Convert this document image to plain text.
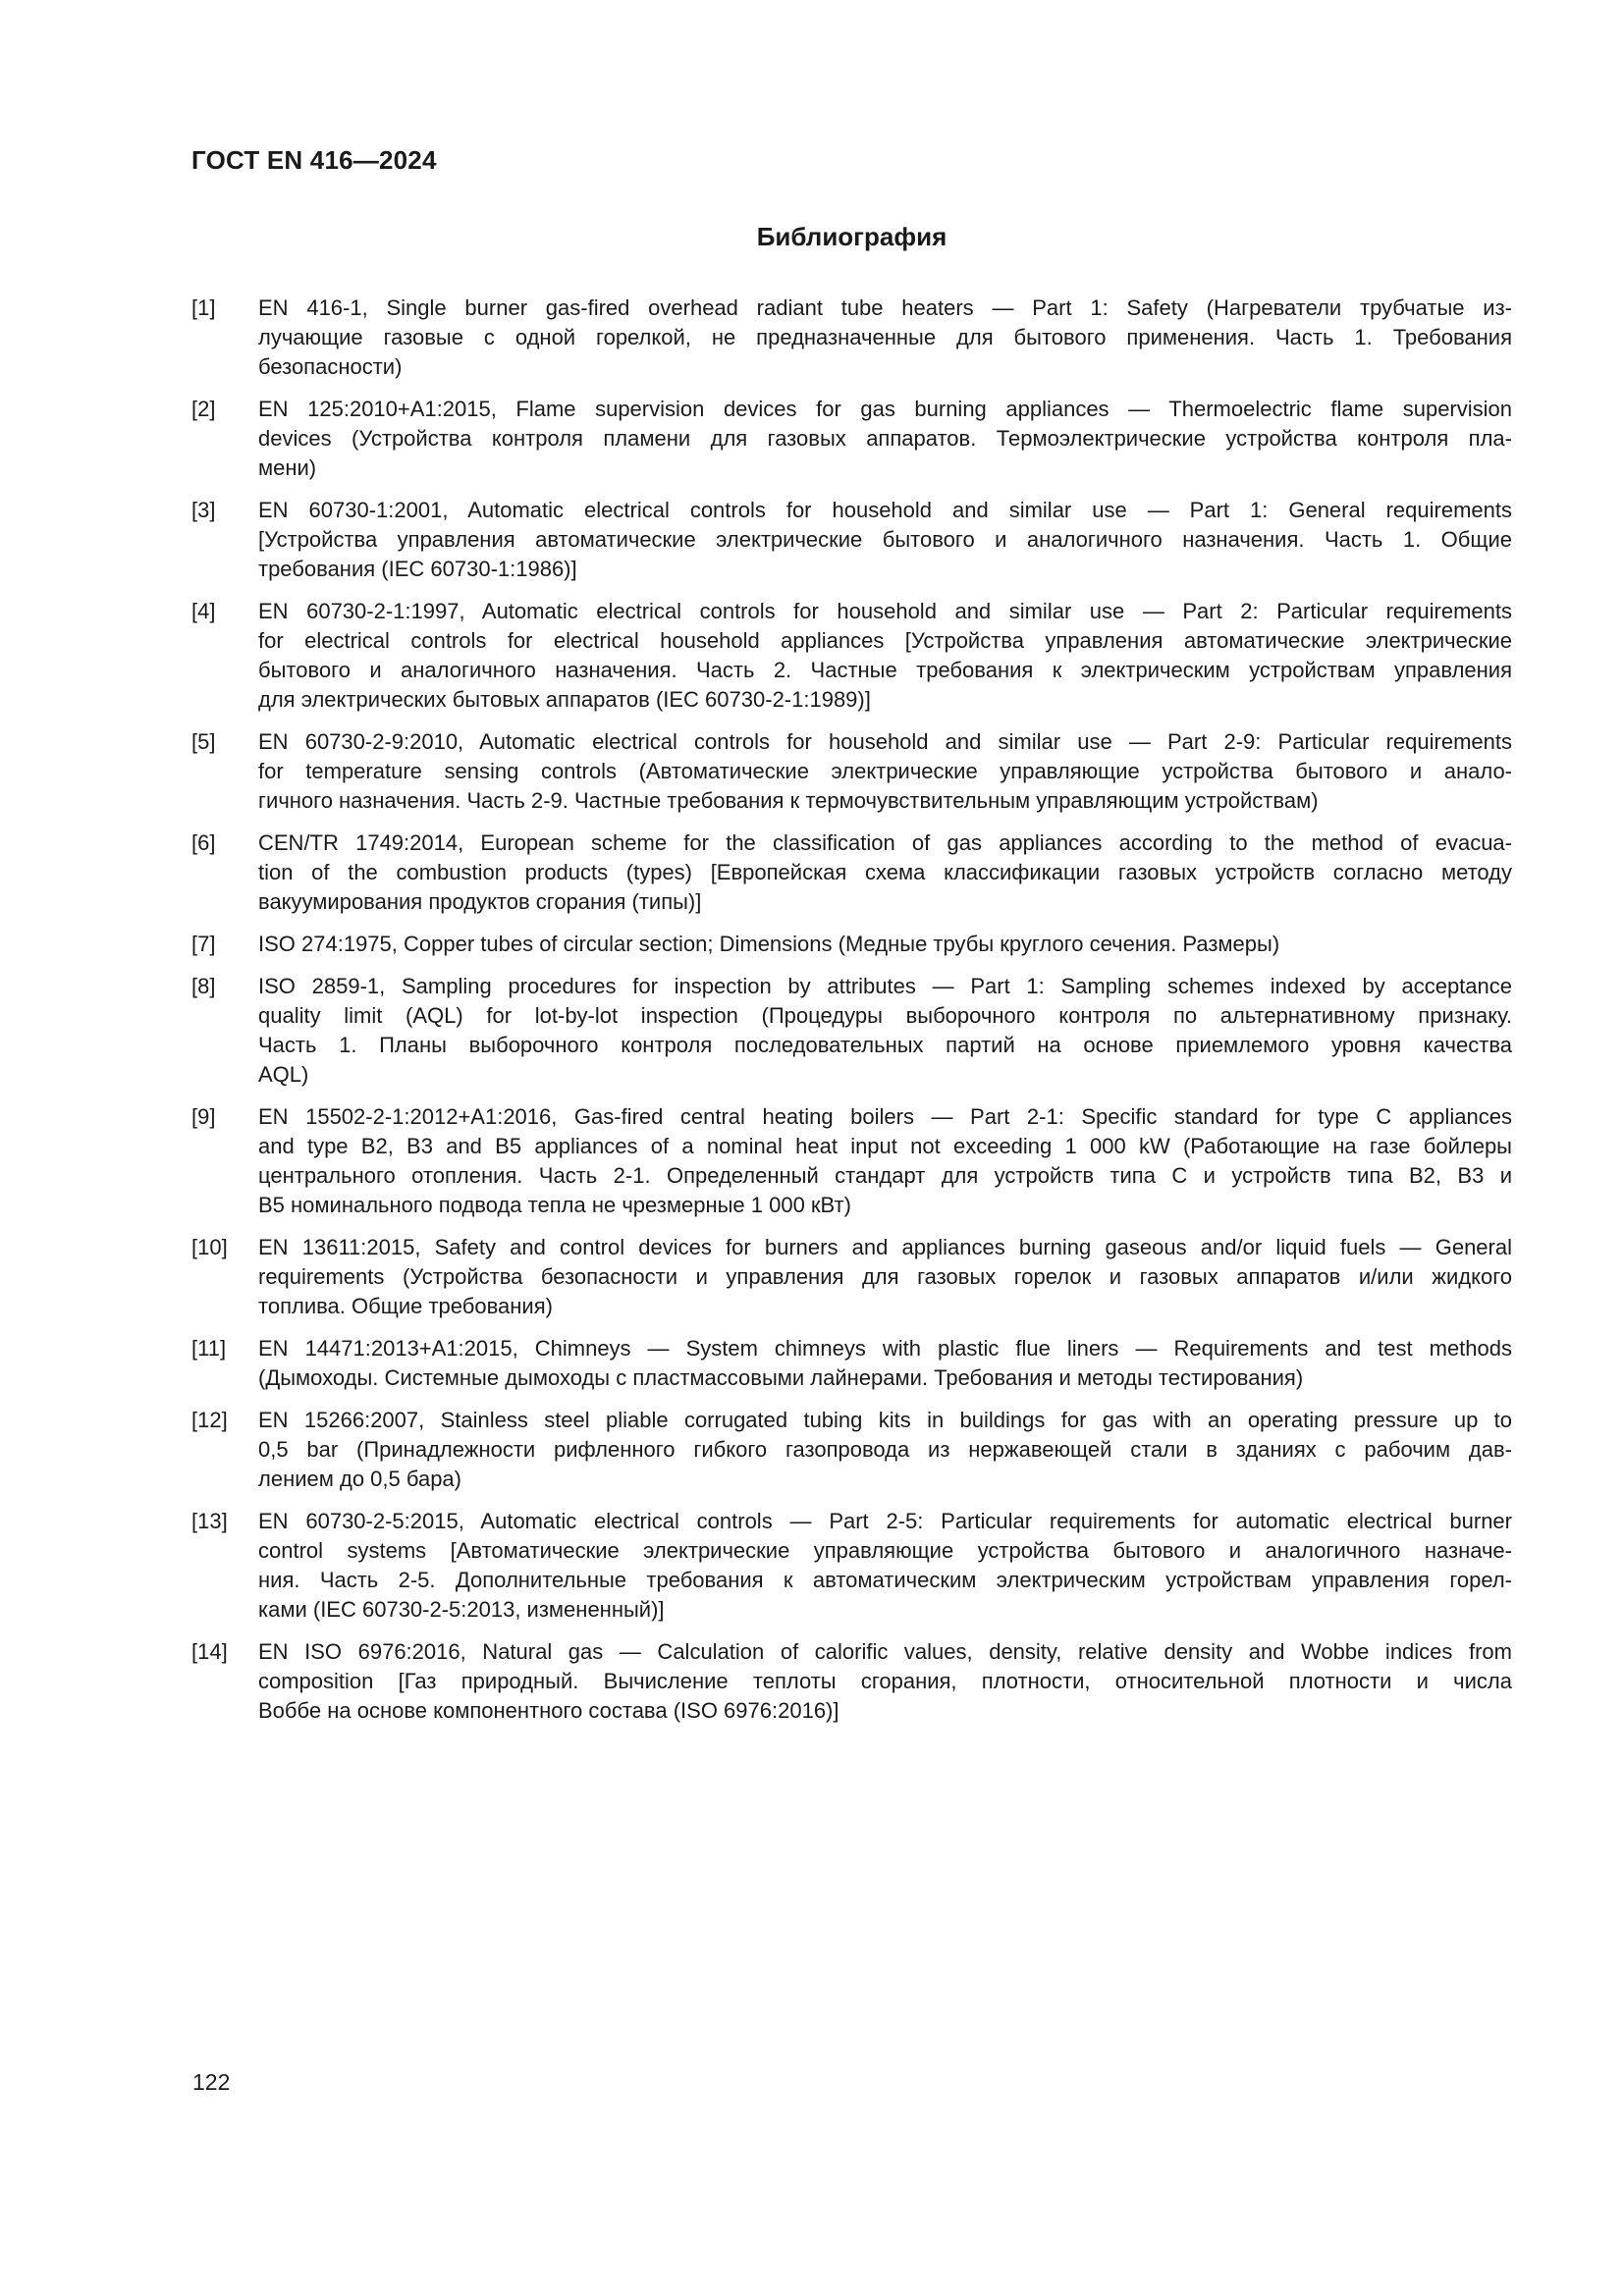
ГОСТ EN 416—2024
Библиография
[1]	EN 416-1, Single burner gas-fired overhead radiant tube heaters — Part 1: Safety (Нагреватели трубчатые из-
лучающие газовые с одной горелкой, не предназначенные для бытового применения. Часть 1. Требования
безопасности)
[2]	EN 125:2010+A1:2015, Flame supervision devices for gas burning appliances — Thermoelectric flame supervision
devices (Устройства контроля пламени для газовых аппаратов. Термоэлектрические устройства контроля пла-
мени)
[3]	EN 60730-1:2001, Automatic electrical controls for household and similar use — Part 1: General requirements
[Устройства управления автоматические электрические бытового и аналогичного назначения. Часть 1. Общие
требования (IEC 60730-1:1986)]
[4]	EN 60730-2-1:1997, Automatic electrical controls for household and similar use — Part 2: Particular requirements
for electrical controls for electrical household appliances [Устройства управления автоматические электрические
бытового и аналогичного назначения. Часть 2. Частные требования к электрическим устройствам управления
для электрических бытовых аппаратов (IEC 60730-2-1:1989)]
[5]	EN 60730-2-9:2010, Automatic electrical controls for household and similar use — Part 2-9: Particular requirements
for temperature sensing controls (Автоматические электрические управляющие устройства бытового и анало-
гичного назначения. Часть 2-9. Частные требования к термочувствительным управляющим устройствам)
[6]	CEN/TR 1749:2014, European scheme for the classification of gas appliances according to the method of evacua-
tion of the combustion products (types) [Европейская схема классификации газовых устройств согласно методу
вакуумирования продуктов сгорания (типы)]
[7]	ISO 274:1975, Copper tubes of circular section; Dimensions (Медные трубы круглого сечения. Размеры)
[8]	ISO 2859-1, Sampling procedures for inspection by attributes — Part 1: Sampling schemes indexed by acceptance
quality limit (AQL) for lot-by-lot inspection (Процедуры выборочного контроля по альтернативному признаку.
Часть 1. Планы выборочного контроля последовательных партий на основе приемлемого уровня качества
AQL)
[9]	EN 15502-2-1:2012+A1:2016, Gas-fired central heating boilers — Part 2-1: Specific standard for type C appliances
and type B2, B3 and B5 appliances of a nominal heat input not exceeding 1 000 kW (Работающие на газе бойлеры
центрального отопления. Часть 2-1. Определенный стандарт для устройств типа C и устройств типа B2, B3 и
B5 номинального подвода тепла не чрезмерные 1 000 кВт)
[10]	EN 13611:2015, Safety and control devices for burners and appliances burning gaseous and/or liquid fuels — General
requirements (Устройства безопасности и управления для газовых горелок и газовых аппаратов и/или жидкого
топлива. Общие требования)
[11]	EN 14471:2013+A1:2015, Chimneys — System chimneys with plastic flue liners — Requirements and test methods
(Дымоходы. Системные дымоходы с пластмассовыми лайнерами. Требования и методы тестирования)
[12]	EN 15266:2007, Stainless steel pliable corrugated tubing kits in buildings for gas with an operating pressure up to
0,5 bar (Принадлежности рифленного гибкого газопровода из нержавеющей стали в зданиях с рабочим дав-
лением до 0,5 бара)
[13]	EN 60730-2-5:2015, Automatic electrical controls — Part 2-5: Particular requirements for automatic electrical burner
control systems [Автоматические электрические управляющие устройства бытового и аналогичного назначе-
ния. Часть 2-5. Дополнительные требования к автоматическим электрическим устройствам управления горел-
ками (IEC 60730-2-5:2013, измененный)]
[14]	EN ISO 6976:2016, Natural gas — Calculation of calorific values, density, relative density and Wobbe indices from
composition [Газ природный. Вычисление теплоты сгорания, плотности, относительной плотности и числа
Воббе на основе компонентного состава (ISO 6976:2016)]
122
